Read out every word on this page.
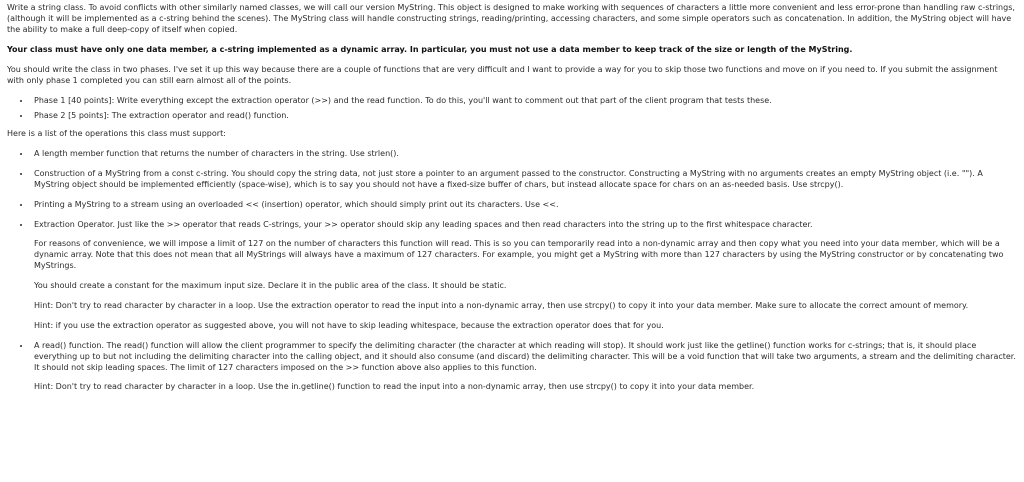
Write a string class. To avoid conflicts with other similarly named classes, we will call our version MyString. This object is designed to make working with sequences of characters a little more convenient and less error-prone than handling raw c-strings, (although it will be implemented as a c-string behind the scenes). The MyString class will handle constructing strings, reading/printing, accessing characters, and some simple operators such as concatenation. In addition, the MyString object will have the ability to make a full deep-copy of itself when copied.

Your class must have only one data member, a c-string implemented as a dynamic array. In particular, you must not use a data member to keep track of the size or length of the MyString.

You should write the class in two phases. I've set it up this way because there are a couple of functions that are very difficult and I want to provide a way for you to skip those two functions and move on if you need to. If you submit the assignment with only phase 1 completed you can still earn almost all of the points.

• Phase 1 [40 points]: Write everything except the extraction operator (>>) and the read function. To do this, you'll want to comment out that part of the client program that tests these.
• Phase 2 [5 points]: The extraction operator and read() function.

Here is a list of the operations this class must support:

• A length member function that returns the number of characters in the string. Use strlen().
• Construction of a MyString from a const c-string. You should copy the string data, not just store a pointer to an argument passed to the constructor. Constructing a MyString with no arguments creates an empty MyString object (i.e. ""). A MyString object should be implemented efficiently (space-wise), which is to say you should not have a fixed-size buffer of chars, but instead allocate space for chars on an as-needed basis. Use strcpy().
• Printing a MyString to a stream using an overloaded << (insertion) operator, which should simply print out its characters. Use <<.
• Extraction Operator. Just like the >> operator that reads C-strings, your >> operator should skip any leading spaces and then read characters into the string up to the first whitespace character.

For reasons of convenience, we will impose a limit of 127 on the number of characters this function will read. This is so you can temporarily read into a non-dynamic array and then copy what you need into your data member, which will be a dynamic array. Note that this does not mean that all MyStrings will always have a maximum of 127 characters. For example, you might get a MyString with more than 127 characters by using the MyString constructor or by concatenating two MyStrings.

You should create a constant for the maximum input size. Declare it in the public area of the class. It should be static.

Hint: Don't try to read character by character in a loop. Use the extraction operator to read the input into a non-dynamic array, then use strcpy() to copy it into your data member. Make sure to allocate the correct amount of memory.

Hint: if you use the extraction operator as suggested above, you will not have to skip leading whitespace, because the extraction operator does that for you.

• A read() function. The read() function will allow the client programmer to specify the delimiting character (the character at which reading will stop). It should work just like the getline() function works for c-strings; that is, it should place everything up to but not including the delimiting character into the calling object, and it should also consume (and discard) the delimiting character. This will be a void function that will take two arguments, a stream and the delimiting character. It should not skip leading spaces. The limit of 127 characters imposed on the >> function above also applies to this function.

Hint: Don't try to read character by character in a loop. Use the in.getline() function to read the input into a non-dynamic array, then use strcpy() to copy it into your data member.
